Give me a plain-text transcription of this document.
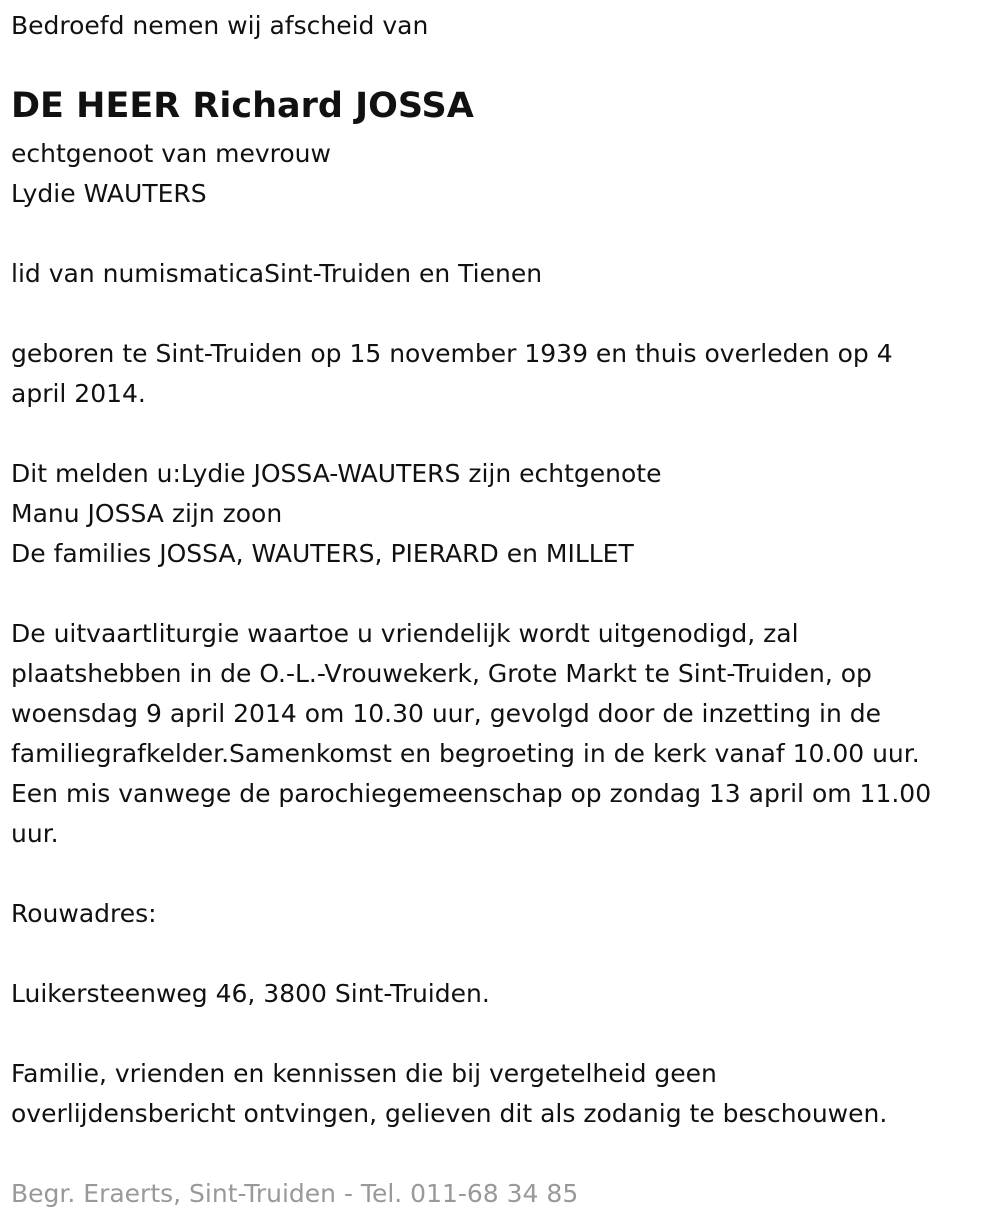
Bedroefd nemen wij afscheid van

DE HEER Richard JOSSA

echtgenoot van mevrouw

Lydie WAUTERS

lid van numismaticaSint-Truiden en Tienen

geboren te Sint-Truiden op 15 november 1939 en thuis overleden op 4

april 2014.

Dit melden u:Lydie JOSSA-WAUTERS zijn echtgenote

Manu JOSSA zijn zoon

De families JOSSA, WAUTERS, PIERARD en MILLET

De uitvaartliturgie waartoe u vriendelijk wordt uitgenodigd, zal

plaatshebben in de O.-L.-Vrouwekerk, Grote Markt te Sint-Truiden, op

woensdag 9 april 2014 om 10.30 uur, gevolgd door de inzetting in de

familiegrafkelder.Samenkomst en begroeting in de kerk vanaf 10.00 uur.

Een mis vanwege de parochiegemeenschap op zondag 13 april om 11.00

uur.

Rouwadres:

Luikersteenweg 46, 3800 Sint-Truiden.

Familie, vrienden en kennissen die bij vergetelheid geen

overlijdensbericht ontvingen, gelieven dit als zodanig te beschouwen.

Begr. Eraerts, Sint-Truiden - Tel. 011-68 34 85
